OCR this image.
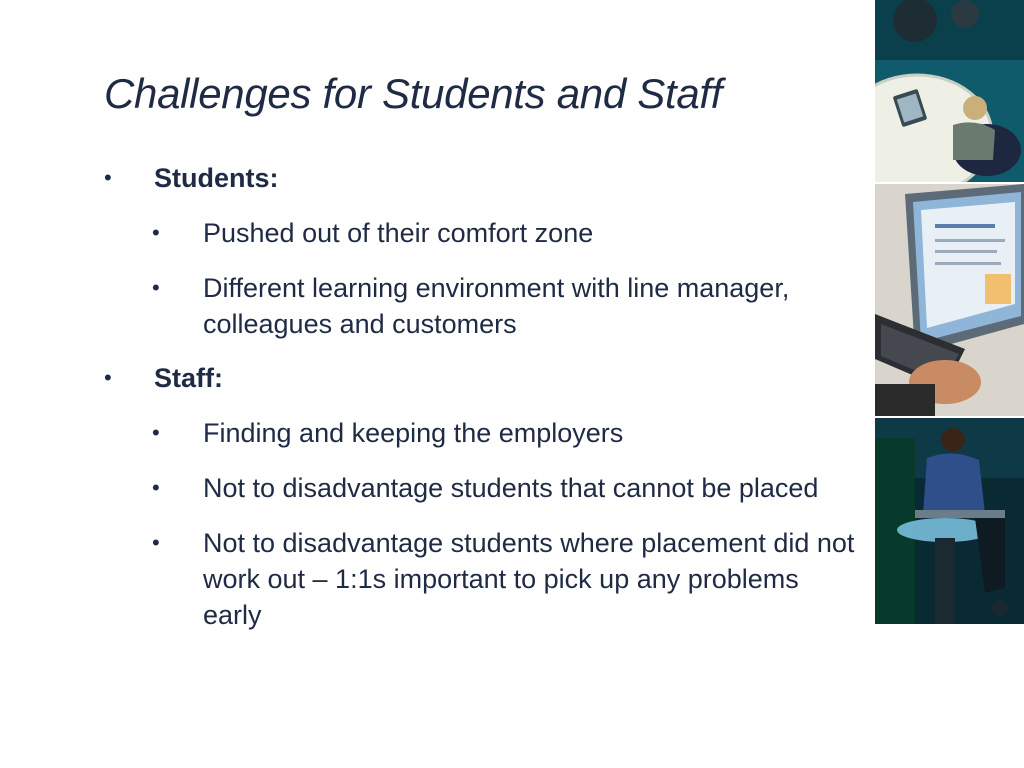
Challenges for Students and Staff
• Students:
• Pushed out of their comfort zone
• Different learning environment with line manager, colleagues and customers
• Staff:
• Finding and keeping the employers
• Not to disadvantage students that cannot be placed
• Not to disadvantage students where placement did not work out – 1:1s important to pick up any problems early
